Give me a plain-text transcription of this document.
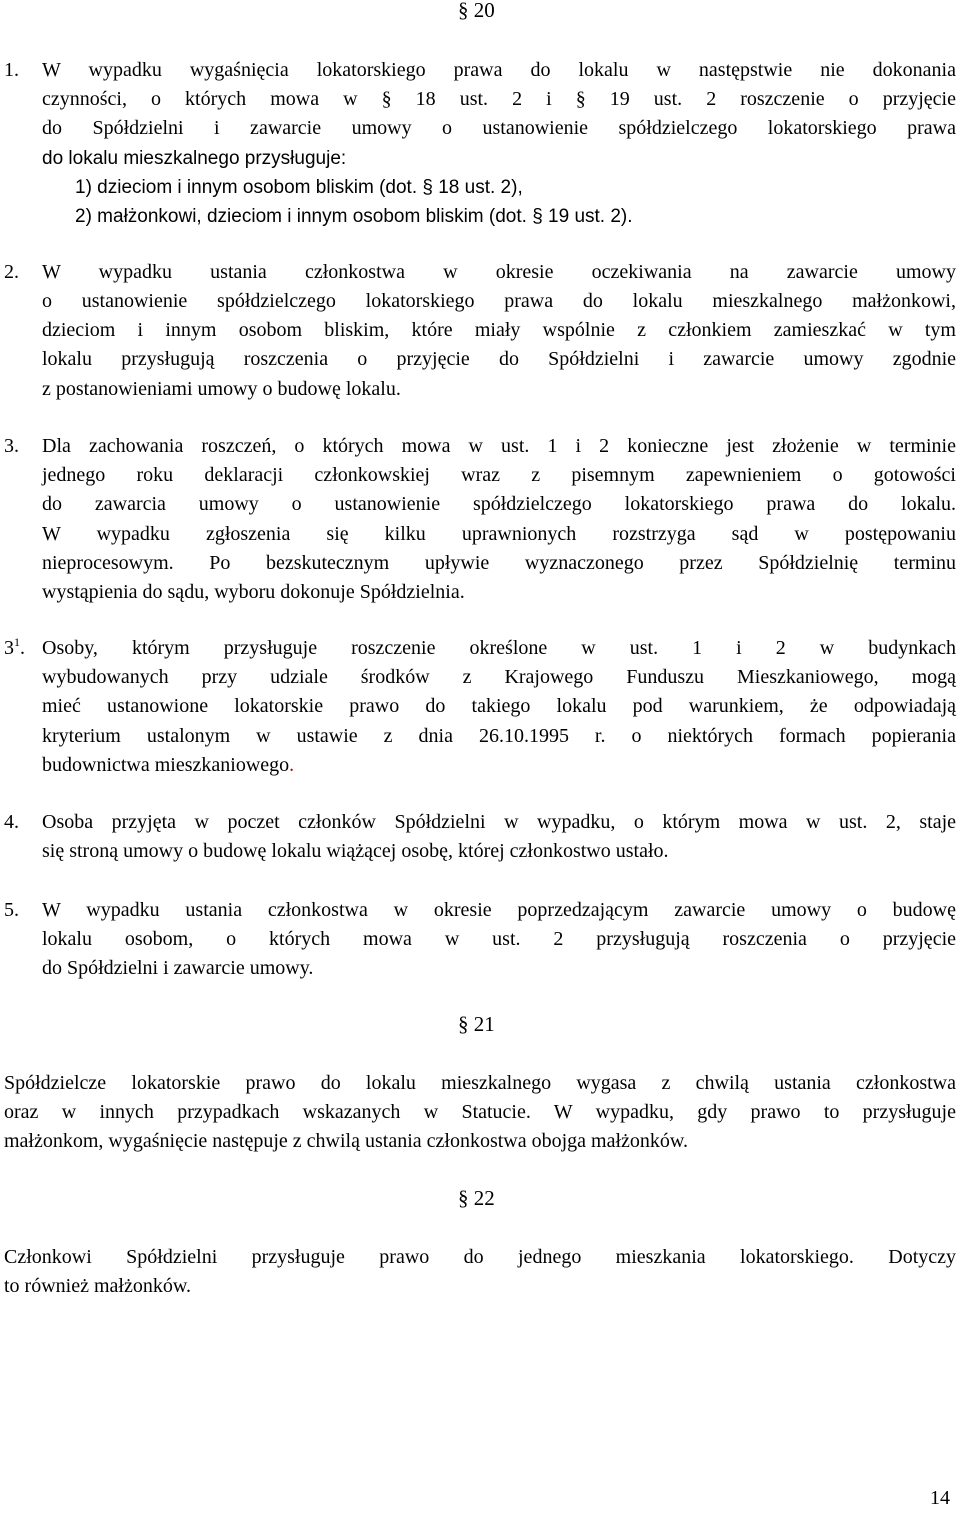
§ 20
1. W wypadku wygaśnięcia lokatorskiego prawa do lokalu w następstwie nie dokonania
czynności, o których mowa w § 18 ust. 2 i § 19 ust. 2 roszczenie o przyjęcie
do Spółdzielni i zawarcie umowy o ustanowienie spółdzielczego lokatorskiego prawa
do lokalu mieszkalnego przysługuje:
1) dzieciom i innym osobom bliskim (dot. § 18 ust. 2),
2) małżonkowi, dzieciom i innym osobom bliskim (dot. § 19 ust. 2).
2. W wypadku ustania członkostwa w okresie oczekiwania na zawarcie umowy
o ustanowienie spółdzielczego lokatorskiego prawa do lokalu mieszkalnego małżonkowi,
dzieciom i innym osobom bliskim, które miały wspólnie z członkiem zamieszkać w tym
lokalu przysługują roszczenia o przyjęcie do Spółdzielni i zawarcie umowy zgodnie
z postanowieniami umowy o budowę lokalu.
3. Dla zachowania roszczeń, o których mowa w ust. 1 i 2 konieczne jest złożenie w terminie
jednego roku deklaracji członkowskiej wraz z pisemnym zapewnieniem o gotowości
do zawarcia umowy o ustanowienie spółdzielczego lokatorskiego prawa do lokalu.
W wypadku zgłoszenia się kilku uprawnionych rozstrzyga sąd w postępowaniu
nieprocesowym. Po bezskutecznym upływie wyznaczonego przez Spółdzielnię terminu
wystąpienia do sądu, wyboru dokonuje Spółdzielnia.
$3^1$. Osoby, którym przysługuje roszczenie określone w ust. 1 i 2 w budynkach
wybudowanych przy udziale środków z Krajowego Funduszu Mieszkaniowego, mogą
mieć ustanowione lokatorskie prawo do takiego lokalu pod warunkiem, że odpowiadają
kryterium ustalonym w ustawie z dnia 26.10.1995 r. o niektórych formach popierania
budownictwa mieszkaniowego.
4. Osoba przyjęta w poczet członków Spółdzielni w wypadku, o którym mowa w ust. 2, staje
się stroną umowy o budowę lokalu wiążącej osobę, której członkostwo ustało.
5. W wypadku ustania członkostwa w okresie poprzedzającym zawarcie umowy o budowę
lokalu osobom, o których mowa w ust. 2 przysługują roszczenia o przyjęcie
do Spółdzielni i zawarcie umowy.
§ 21
Spółdzielcze lokatorskie prawo do lokalu mieszkalnego wygasa z chwilą ustania członkostwa
oraz w innych przypadkach wskazanych w Statucie. W wypadku, gdy prawo to przysługuje
małżonkom, wygaśnięcie następuje z chwilą ustania członkostwa obojga małżonków.
§ 22
Członkowi Spółdzielni przysługuje prawo do jednego mieszkania lokatorskiego. Dotyczy
to również małżonków.
14
